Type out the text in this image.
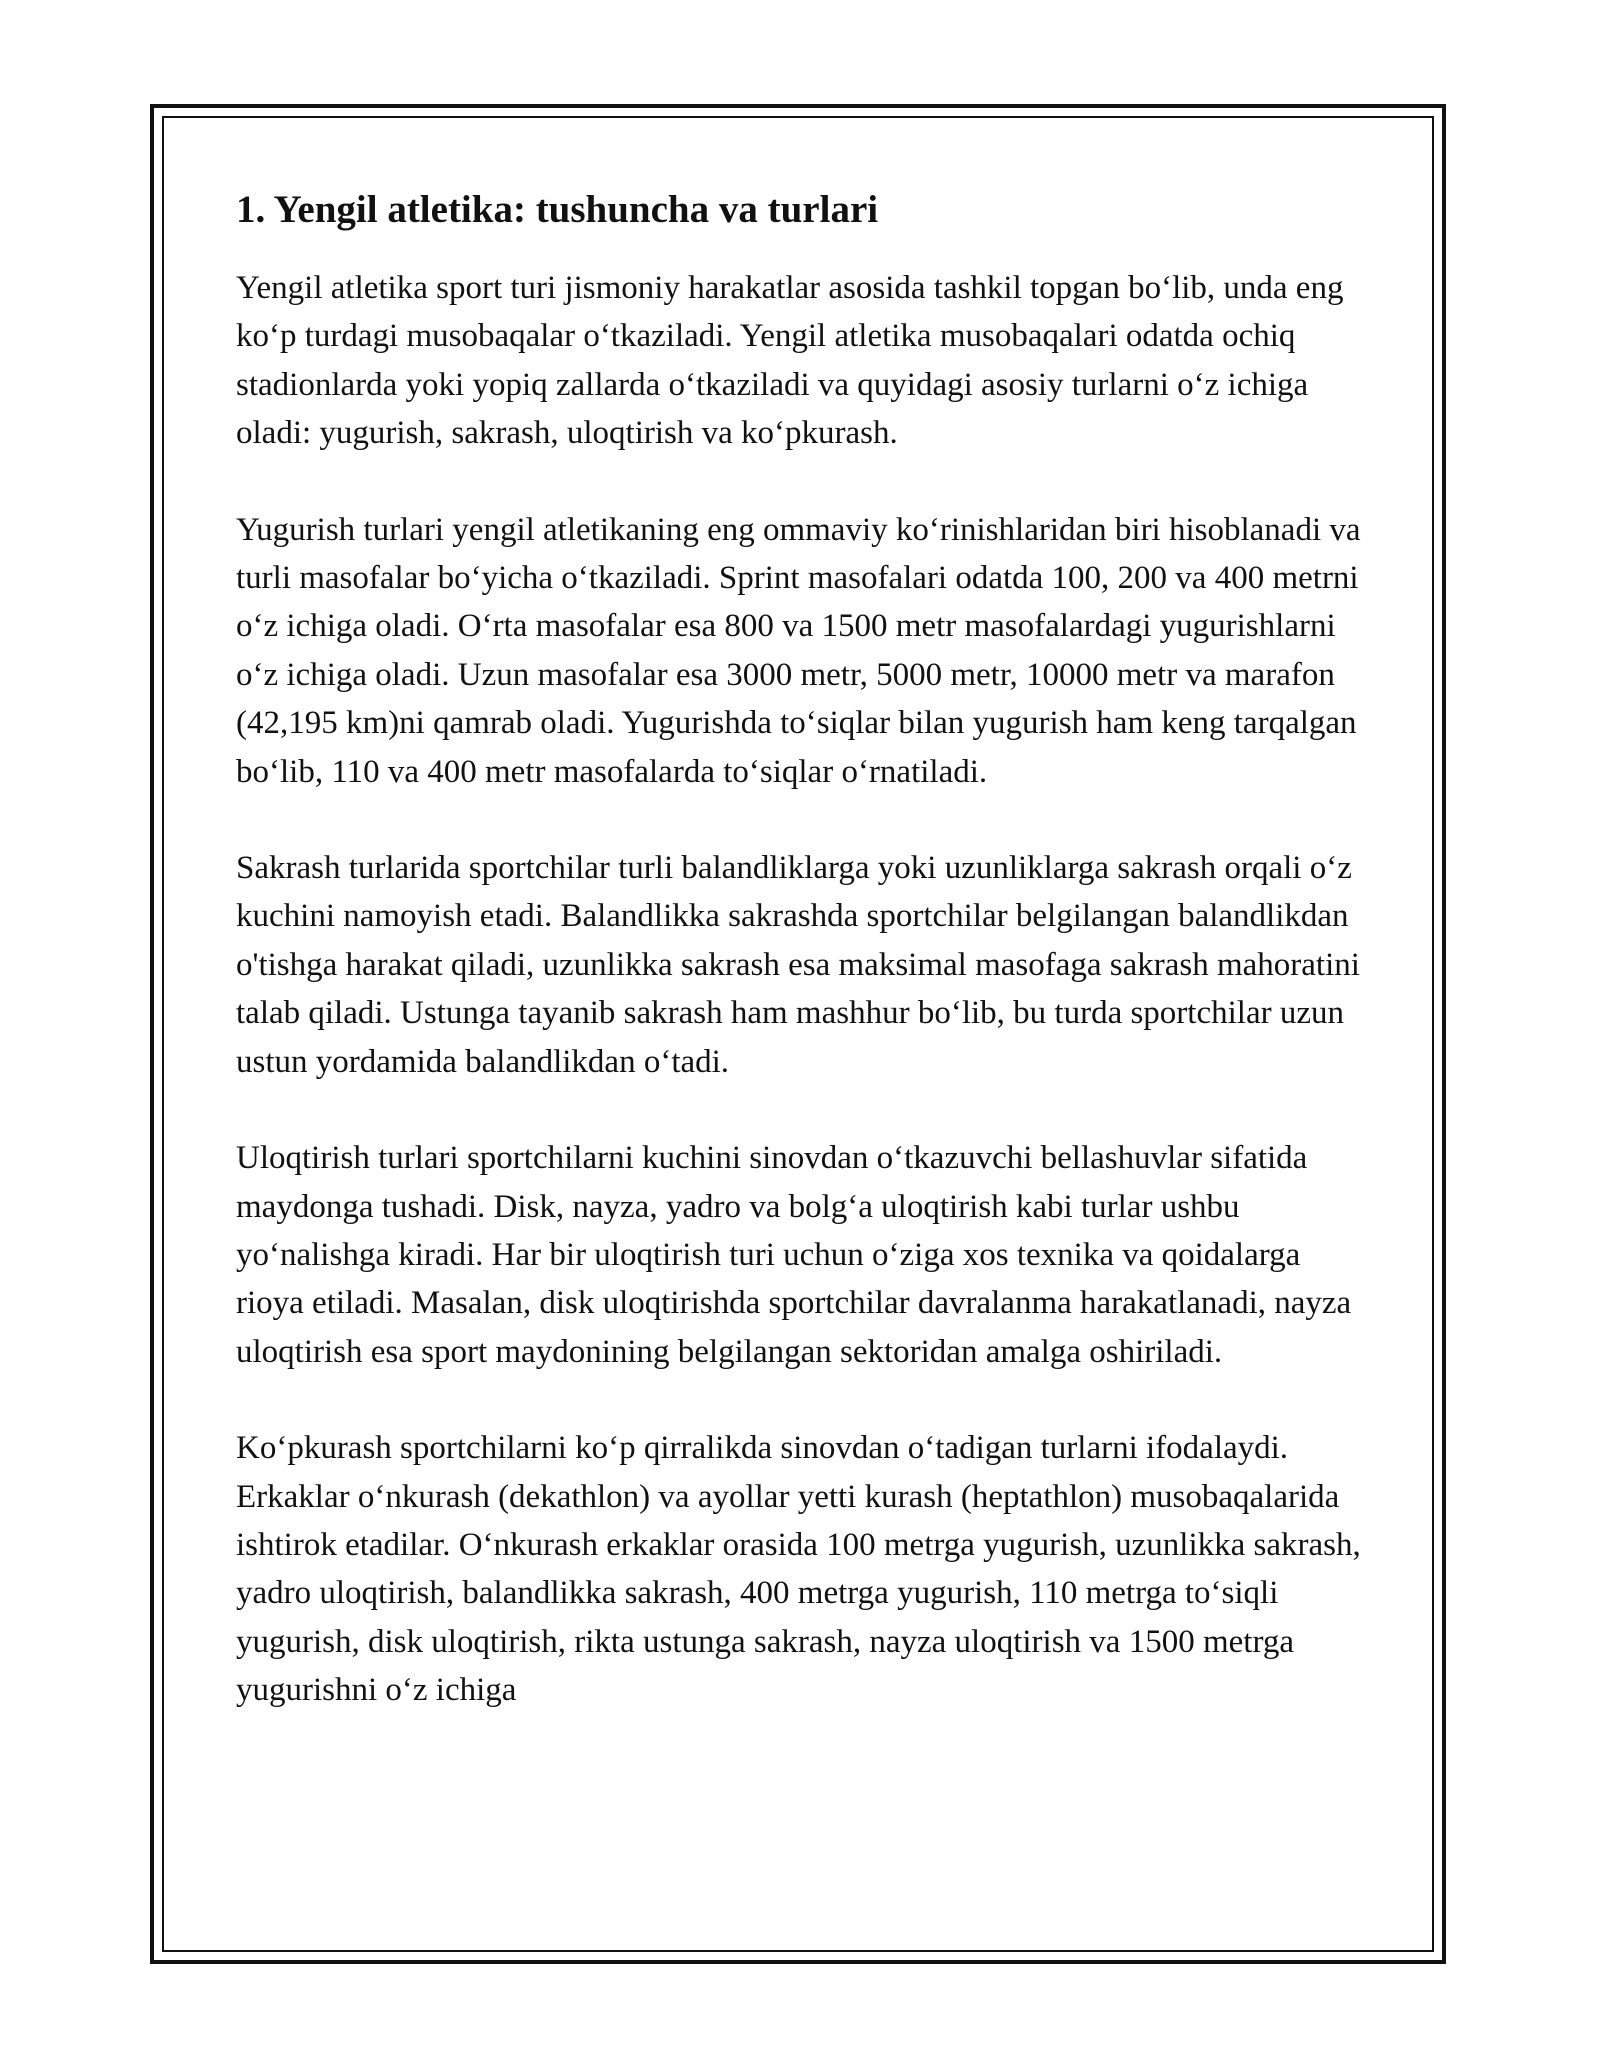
1. Yengil atletika: tushuncha va turlari

Yengil atletika sport turi jismoniy harakatlar asosida tashkil topgan boʻlib, unda eng koʻp turdagi musobaqalar oʻtkaziladi. Yengil atletika musobaqalari odatda ochiq stadionlarda yoki yopiq zallarda oʻtkaziladi va quyidagi asosiy turlarni oʻz ichiga oladi: yugurish, sakrash, uloqtirish va koʻpkurash.

Yugurish turlari yengil atletikaning eng ommaviy koʻrinishlaridan biri hisoblanadi va turli masofalar boʻyicha oʻtkaziladi. Sprint masofalari odatda 100, 200 va 400 metrni oʻz ichiga oladi. Oʻrta masofalar esa 800 va 1500 metr masofalardagi yugurishlarni oʻz ichiga oladi. Uzun masofalar esa 3000 metr, 5000 metr, 10000 metr va marafon (42,195 km)ni qamrab oladi. Yugurishda toʻsiqlar bilan yugurish ham keng tarqalgan boʻlib, 110 va 400 metr masofalarda toʻsiqlar oʻrnatiladi.

Sakrash turlarida sportchilar turli balandliklarga yoki uzunliklarga sakrash orqali oʻz kuchini namoyish etadi. Balandlikka sakrashda sportchilar belgilangan balandlikdan o'tishga harakat qiladi, uzunlikka sakrash esa maksimal masofaga sakrash mahoratini talab qiladi. Ustunga tayanib sakrash ham mashhur boʻlib, bu turda sportchilar uzun ustun yordamida balandlikdan oʻtadi.

Uloqtirish turlari sportchilarni kuchini sinovdan oʻtkazuvchi bellashuvlar sifatida maydonga tushadi. Disk, nayza, yadro va bolgʻa uloqtirish kabi turlar ushbu yoʻnalishga kiradi. Har bir uloqtirish turi uchun oʻziga xos texnika va qoidalarga rioya etiladi. Masalan, disk uloqtirishda sportchilar davralanma harakatlanadi, nayza uloqtirish esa sport maydonining belgilangan sektoridan amalga oshiriladi.

Koʻpkurash sportchilarni koʻp qirralikda sinovdan oʻtadigan turlarni ifodalaydi. Erkaklar oʻnkurash (dekathlon) va ayollar yetti kurash (heptathlon) musobaqalarida ishtirok etadilar. Oʻnkurash erkaklar orasida 100 metrga yugurish, uzunlikka sakrash, yadro uloqtirish, balandlikka sakrash, 400 metrga yugurish, 110 metrga toʻsiqli yugurish, disk uloqtirish, rikta ustunga sakrash, nayza uloqtirish va 1500 metrga yugurishni oʻz ichiga
